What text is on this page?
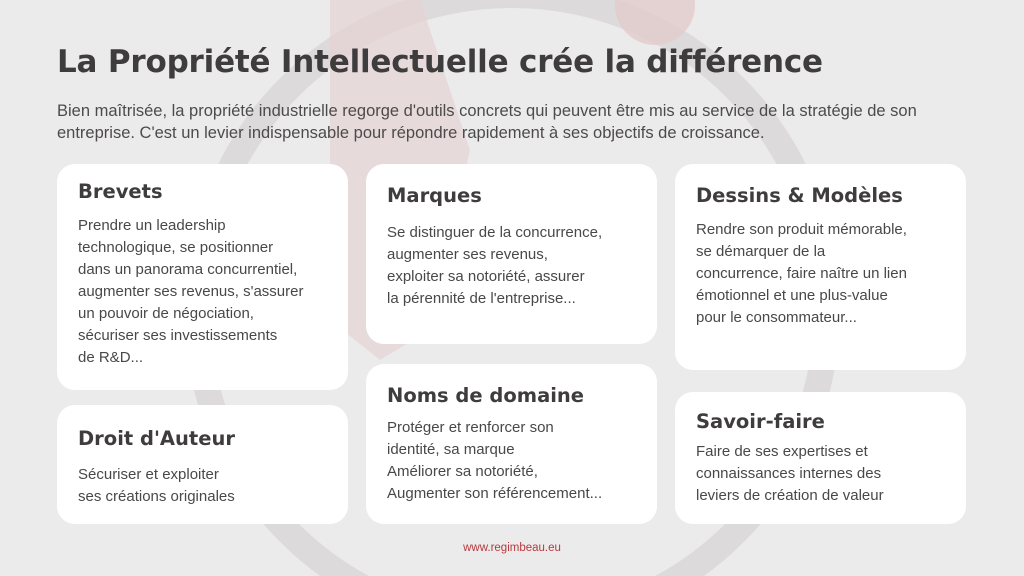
La Propriété Intellectuelle crée la différence

Bien maîtrisée, la propriété industrielle regorge d'outils concrets qui peuvent être mis au service de la stratégie de son entreprise. C'est un levier indispensable pour répondre rapidement à ses objectifs de croissance.

Brevets

Prendre un leadership
technologique, se positionner
dans un panorama concurrentiel,
augmenter ses revenus, s'assurer
un pouvoir de négociation,
sécuriser ses investissements
de R&D...

Marques

Se distinguer de la concurrence,
augmenter ses revenus,
exploiter sa notoriété, assurer
la pérennité de l'entreprise...

Dessins & Modèles

Rendre son produit mémorable,
se démarquer de la
concurrence, faire naître un lien
émotionnel et une plus-value
pour le consommateur...

Droit d'Auteur

Sécuriser et exploiter
ses créations originales

Noms de domaine

Protéger et renforcer son
identité, sa marque
Améliorer sa notoriété,
Augmenter son référencement...

Savoir-faire

Faire de ses expertises et
connaissances internes des
leviers de création de valeur

www.regimbeau.eu
